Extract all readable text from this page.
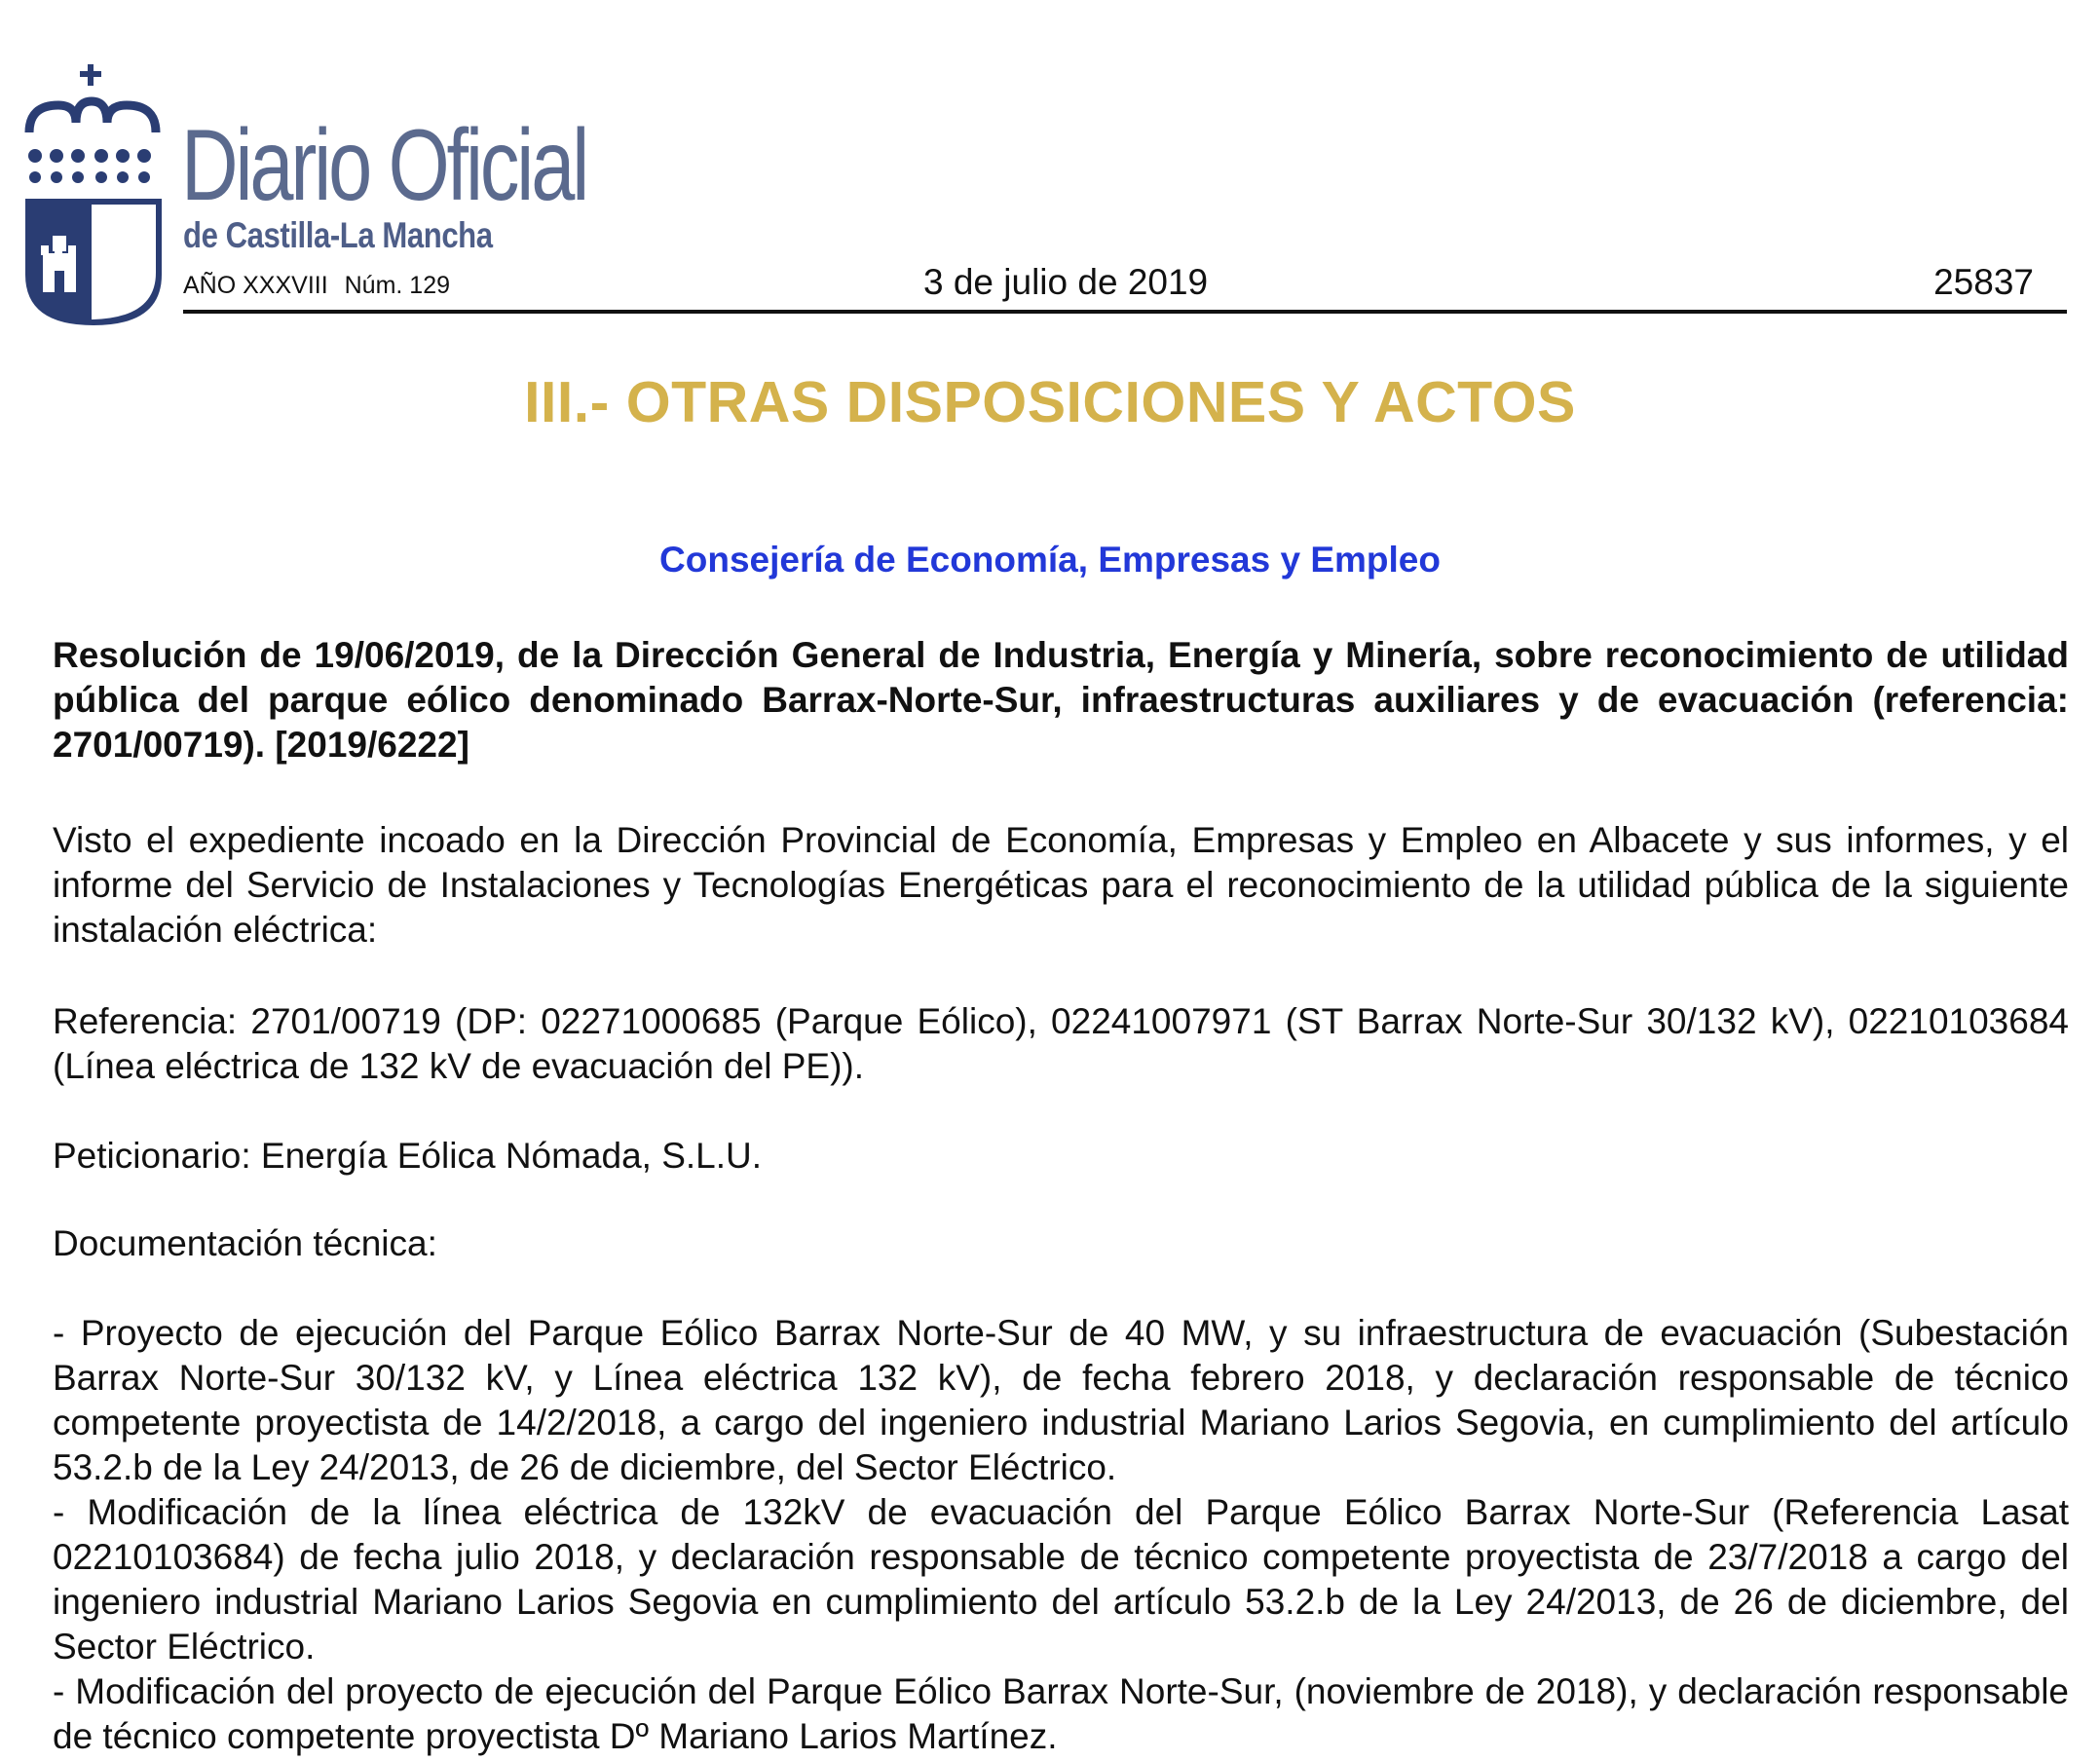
Diario Oficial
de Castilla-La Mancha
AÑO XXXVIII Núm. 129	3 de julio de 2019	25837
III.- OTRAS DISPOSICIONES Y ACTOS
Consejería de Economía, Empresas y Empleo

Resolución de 19/06/2019, de la Dirección General de Industria, Energía y Minería, sobre reconocimiento de utilidad pública del parque eólico denominado Barrax-Norte-Sur, infraestructuras auxiliares y de evacuación (referencia: 2701/00719). [2019/6222]

Visto el expediente incoado en la Dirección Provincial de Economía, Empresas y Empleo en Albacete y sus informes, y el informe del Servicio de Instalaciones y Tecnologías Energéticas para el reconocimiento de la utilidad pública de la siguiente instalación eléctrica:

Referencia: 2701/00719 (DP: 02271000685 (Parque Eólico), 02241007971 (ST Barrax Norte-Sur 30/132 kV), 02210103684 (Línea eléctrica de 132 kV de evacuación del PE)).

Peticionario: Energía Eólica Nómada, S.L.U.

Documentación técnica:

- Proyecto de ejecución del Parque Eólico Barrax Norte-Sur de 40 MW, y su infraestructura de evacuación (Subestación Barrax Norte-Sur 30/132 kV, y Línea eléctrica 132 kV), de fecha febrero 2018, y declaración responsable de técnico competente proyectista de 14/2/2018, a cargo del ingeniero industrial Mariano Larios Segovia, en cumplimiento del artículo 53.2.b de la Ley 24/2013, de 26 de diciembre, del Sector Eléctrico.

- Modificación de la línea eléctrica de 132kV de evacuación del Parque Eólico Barrax Norte-Sur (Referencia Lasat 02210103684) de fecha julio 2018, y declaración responsable de técnico competente proyectista de 23/7/2018 a cargo del ingeniero industrial Mariano Larios Segovia en cumplimiento del artículo 53.2.b de la Ley 24/2013, de 26 de diciembre, del Sector Eléctrico.

- Modificación del proyecto de ejecución del Parque Eólico Barrax Norte-Sur, (noviembre de 2018), y declaración responsable de técnico competente proyectista Dº Mariano Larios Martínez.
